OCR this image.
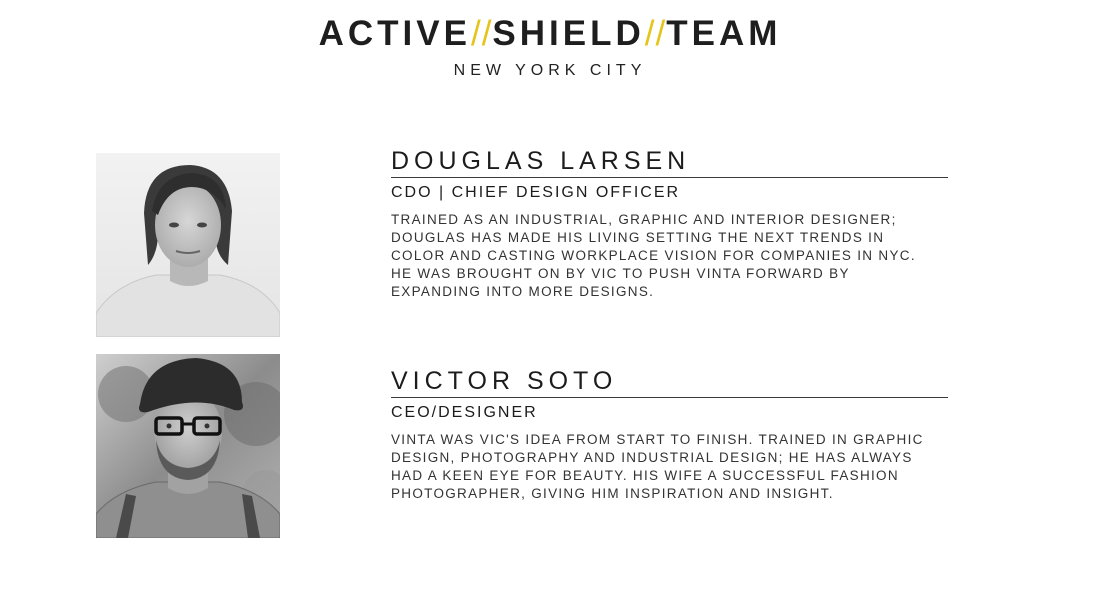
ACTIVE//SHIELD//TEAM
NEW YORK CITY
DOUGLAS LARSEN
CDO | CHIEF DESIGN OFFICER
TRAINED AS AN INDUSTRIAL, GRAPHIC AND INTERIOR DESIGNER;
DOUGLAS HAS MADE HIS LIVING SETTING THE NEXT TRENDS IN
COLOR AND CASTING WORKPLACE VISION FOR COMPANIES IN NYC.
HE WAS BROUGHT ON BY VIC TO PUSH VINTA FORWARD BY
EXPANDING INTO MORE DESIGNS.
VICTOR SOTO
CEO/DESIGNER
VINTA WAS VIC'S IDEA FROM START TO FINISH. TRAINED IN GRAPHIC
DESIGN, PHOTOGRAPHY AND INDUSTRIAL DESIGN; HE HAS ALWAYS
HAD A KEEN EYE FOR BEAUTY. HIS WIFE A SUCCESSFUL FASHION
PHOTOGRAPHER, GIVING HIM INSPIRATION AND INSIGHT.
